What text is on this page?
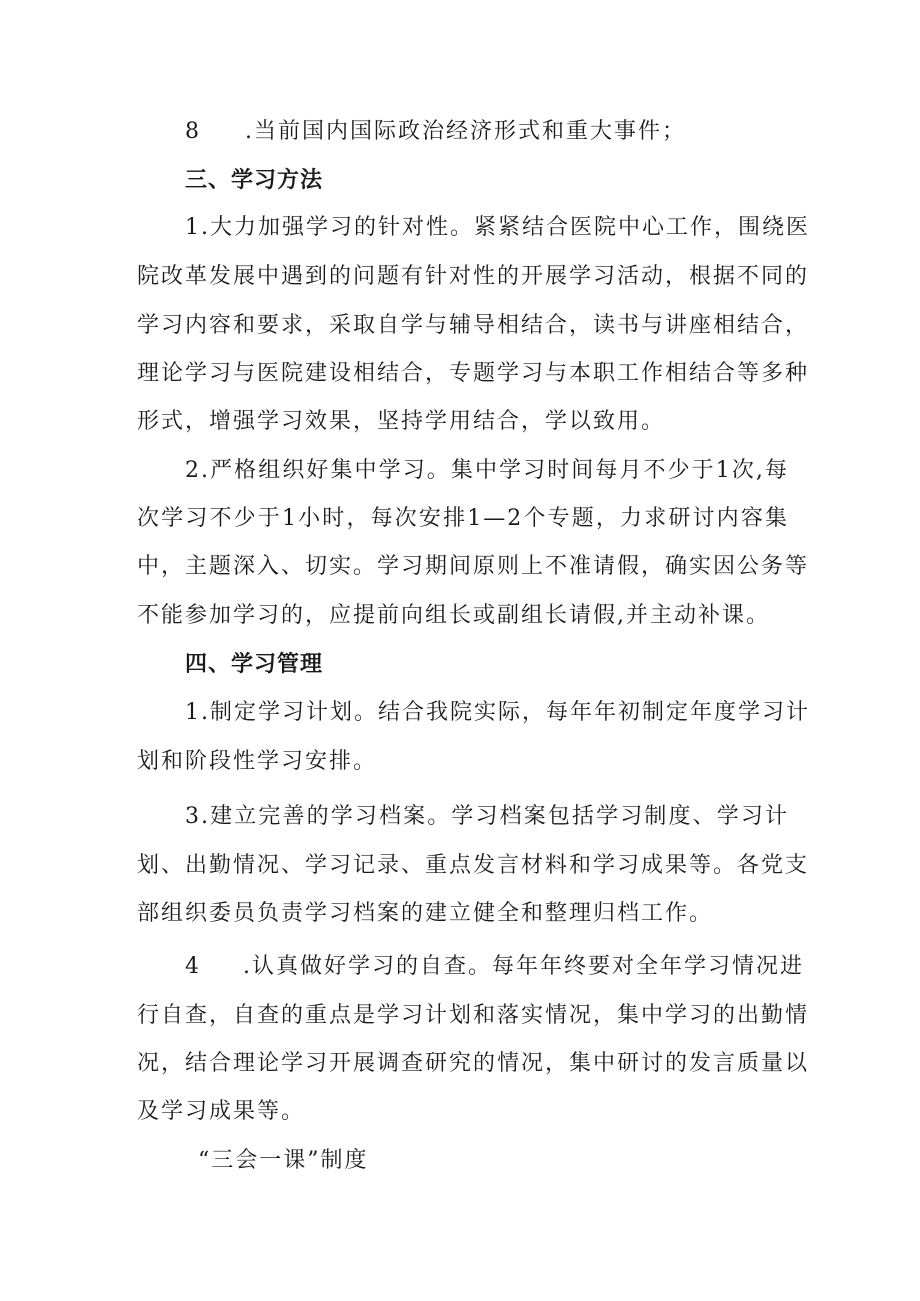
8 .当前国内国际政治经济形式和重大事件；
三、学习方法
1.大力加强学习的针对性。紧紧结合医院中心工作，围绕医
院改革发展中遇到的问题有针对性的开展学习活动，根据不同的
学习内容和要求，采取自学与辅导相结合，读书与讲座相结合，
理论学习与医院建设相结合，专题学习与本职工作相结合等多种
形式，增强学习效果，坚持学用结合，学以致用。
2.严格组织好集中学习。集中学习时间每月不少于1次,每
次学习不少于1小时，每次安排1—2个专题，力求研讨内容集
中，主题深入、切实。学习期间原则上不准请假，确实因公务等
不能参加学习的，应提前向组长或副组长请假,并主动补课。
四、学习管理
1.制定学习计划。结合我院实际，每年年初制定年度学习计
划和阶段性学习安排。
3.建立完善的学习档案。学习档案包括学习制度、学习计
划、出勤情况、学习记录、重点发言材料和学习成果等。各党支
部组织委员负责学习档案的建立健全和整理归档工作。
4 .认真做好学习的自查。每年年终要对全年学习情况进
行自查，自查的重点是学习计划和落实情况，集中学习的出勤情
况，结合理论学习开展调查研究的情况，集中研讨的发言质量以
及学习成果等。
“三会一课”制度
